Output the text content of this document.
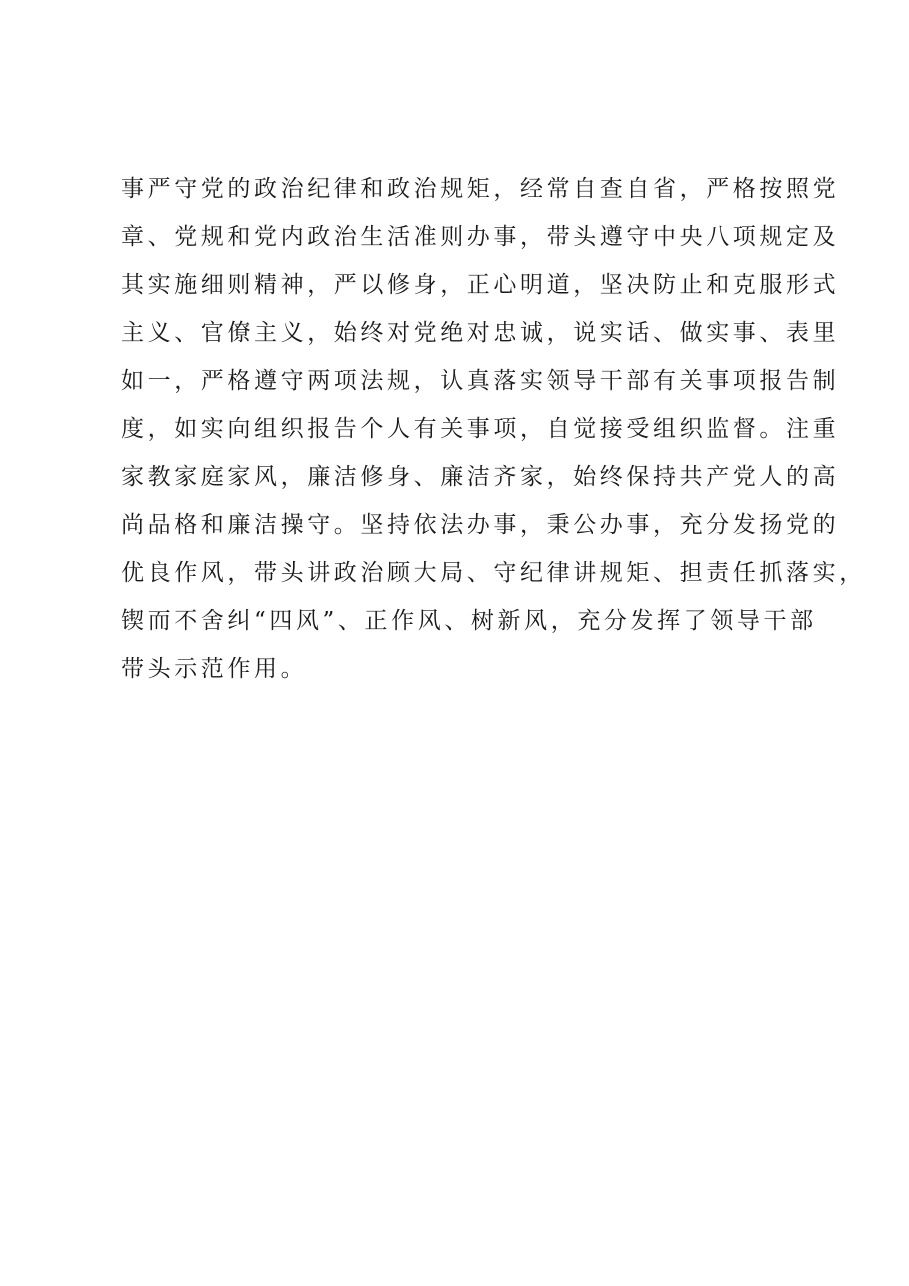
事严守党的政治纪律和政治规矩，经常自查自省，严格按照党
章、党规和党内政治生活准则办事，带头遵守中央八项规定及
其实施细则精神，严以修身，正心明道，坚决防止和克服形式
主义、官僚主义，始终对党绝对忠诚，说实话、做实事、表里
如一，严格遵守两项法规，认真落实领导干部有关事项报告制
度，如实向组织报告个人有关事项，自觉接受组织监督。注重
家教家庭家风，廉洁修身、廉洁齐家，始终保持共产党人的高
尚品格和廉洁操守。坚持依法办事，秉公办事，充分发扬党的
优良作风，带头讲政治顾大局、守纪律讲规矩、担责任抓落实，
锲而不舍纠“四风”、正作风、树新风，充分发挥了领导干部
带头示范作用。
